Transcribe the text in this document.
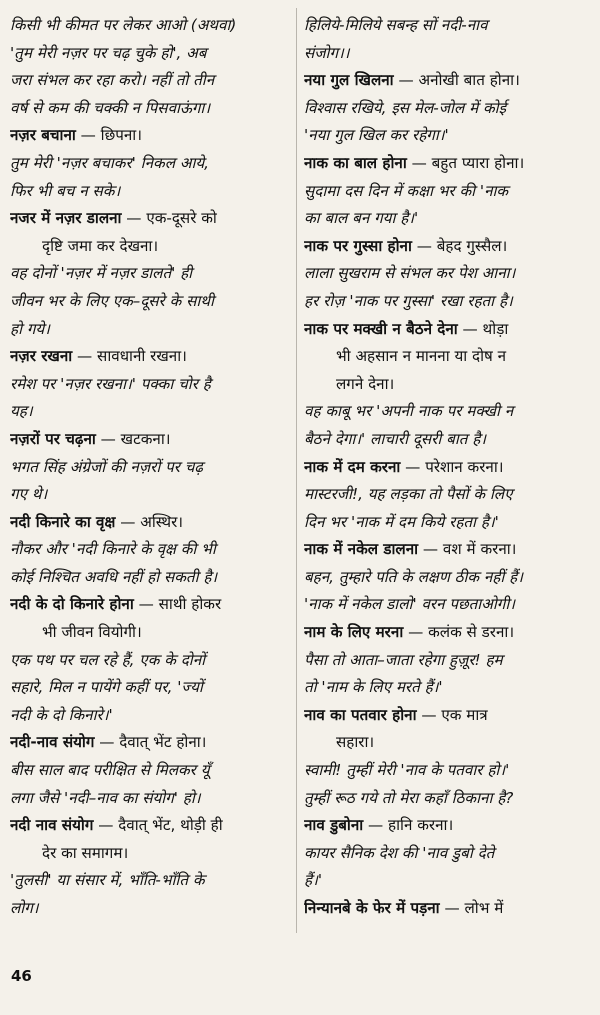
किसी भी कीमत पर लेकर आओ (अथवा)
'तुम मेरी नज़र पर चढ़ चुके हो', अब
जरा संभल कर रहा करो। नहीं तो तीन
वर्ष से कम की चक्की न पिसवाऊंगा।
नज़र बचाना — छिपना।
तुम मेरी 'नज़र बचाकर' निकल आये,
फिर भी बच न सके।
नजर में नज़र डालना — एक-दूसरे को
दृष्टि जमा कर देखना।
वह दोनों 'नज़र में नज़र डालते' ही
जीवन भर के लिए एक–दूसरे के साथी
हो गये।
नज़र रखना — सावधानी रखना।
रमेश पर 'नज़र रखना।' पक्का चोर है
यह।
नज़रों पर चढ़ना — खटकना।
भगत सिंह अंग्रेजों की नज़रों पर चढ़
गए थे।
नदी किनारे का वृक्ष — अस्थिर।
नौकर और 'नदी किनारे के वृक्ष की भी
कोई निश्चित अवधि नहीं हो सकती है।
नदी के दो किनारे होना — साथी होकर
भी जीवन वियोगी।
एक पथ पर चल रहे हैं, एक के दोनों
सहारे, मिल न पायेंगे कहीं पर, 'ज्यों
नदी के दो किनारे।'
नदी-नाव संयोग — दैवात् भेंट होना।
बीस साल बाद परीक्षित से मिलकर यूँ
लगा जैसे 'नदी–नाव का संयोग' हो।
नदी नाव संयोग — दैवात् भेंट, थोड़ी ही
देर का समागम।
'तुलसी' या संसार में, भाँति-भाँति के
लोग।
हिलिये-मिलिये सबन्ह सों नदी-नाव
संजोग।।
नया गुल खिलना — अनोखी बात होना।
विश्वास रखिये, इस मेल-जोल में कोई
'नया गुल खिल कर रहेगा।'
नाक का बाल होना — बहुत प्यारा होना।
सुदामा दस दिन में कक्षा भर की 'नाक
का बाल बन गया है।'
नाक पर गुस्सा होना — बेहद गुस्सैल।
लाला सुखराम से संभल कर पेश आना।
हर रोज़ 'नाक पर गुस्सा' रखा रहता है।
नाक पर मक्खी न बैठने देना — थोड़ा
भी अहसान न मानना या दोष न
लगने देना।
वह काबू भर 'अपनी नाक पर मक्खी न
बैठने देगा।' लाचारी दूसरी बात है।
नाक में दम करना — परेशान करना।
मास्टरजी!, यह लड़का तो पैसों के लिए
दिन भर 'नाक में दम किये रहता है।'
नाक में नकेल डालना — वश में करना।
बहन, तुम्हारे पति के लक्षण ठीक नहीं हैं।
'नाक में नकेल डालो' वरन पछताओगी।
नाम के लिए मरना — कलंक से डरना।
पैसा तो आता–जाता रहेगा हुज़ूर! हम
तो 'नाम के लिए मरते हैं।'
नाव का पतवार होना — एक मात्र
सहारा।
स्वामी! तुम्हीं मेरी 'नाव के पतवार हो।'
तुम्हीं रूठ गये तो मेरा कहाँ ठिकाना है?
नाव डुबोना — हानि करना।
कायर सैनिक देश की 'नाव डुबो देते
हैं।'
निन्यानबे के फेर में पड़ना — लोभ में
46
